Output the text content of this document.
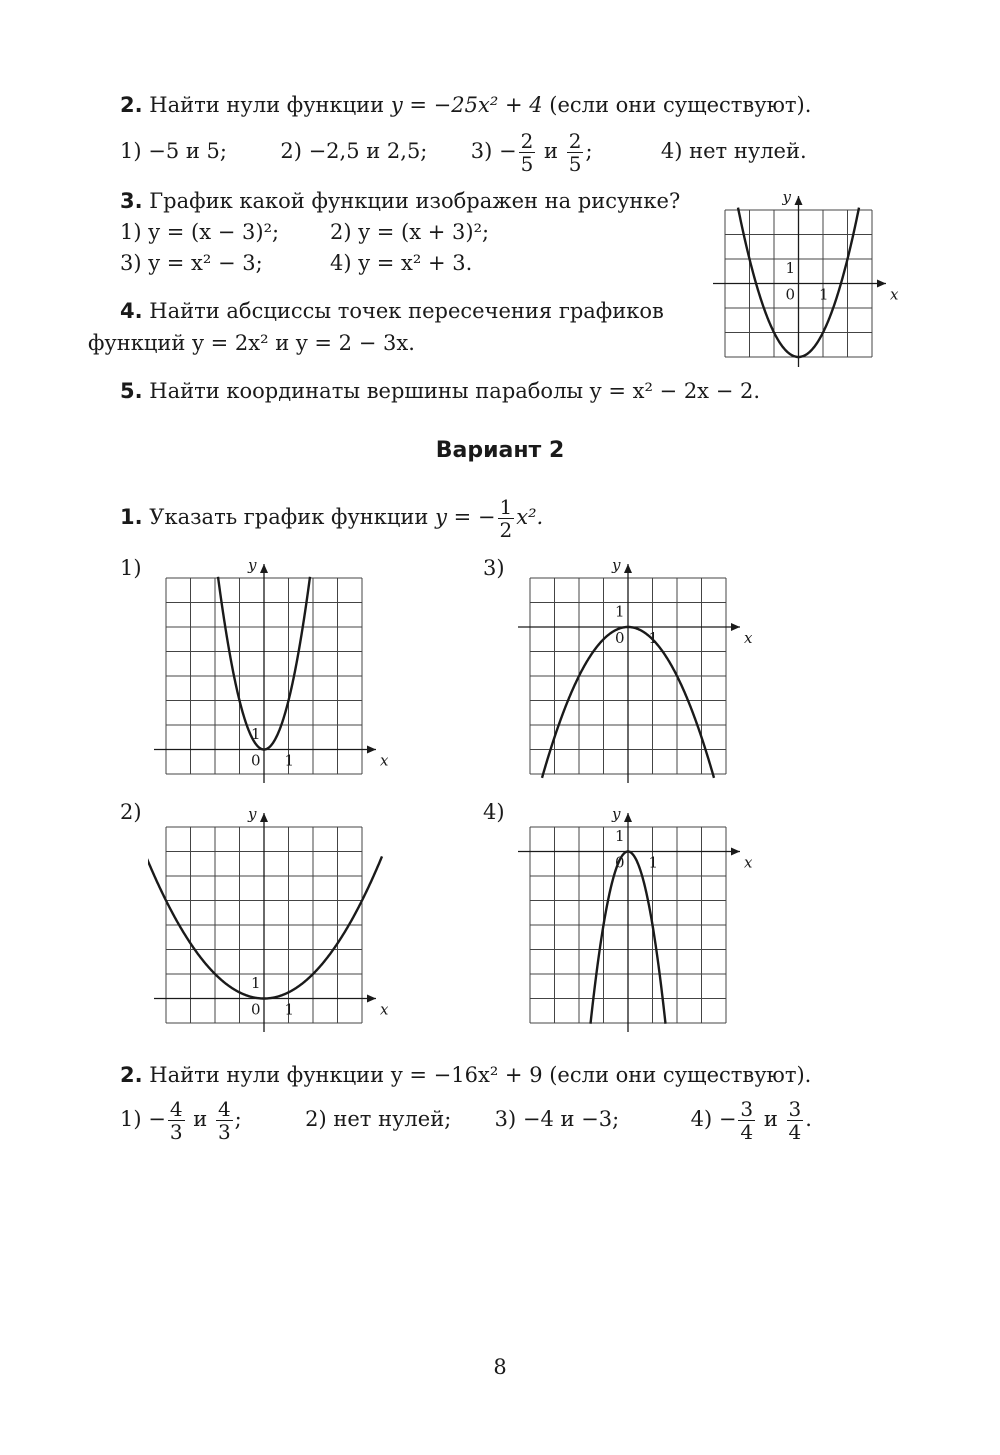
2. Найти нули функции y = −25x² + 4 (если они существуют).
1) −5 и 5;	2) −2,5 и 2,5; $3) - \frac{2}{5}$ и $\frac{2}{5}$ ;	4) нет нулей.
3. График какой функции изображен на рисунке?
1) y = (x − 3)²; 2) y = (x + 3)²;
3) y = x² − 3;	4) y = x² + 3.
4. Найти абсциссы точек пересечения графиков
функций y = 2x² и y = 2 − 3x.
5. Найти координаты вершины параболы y = x² − 2x − 2.
x
y
0 1
1
Вариант 2
1. Указать график функции y = − $\frac{1}{2} x^2$.
1)	3)
2)	4)
x
y
0 1
1
x
y
0 1
1
x
y
0 1
1
x
y
0 1
1
2. Найти нули функции y = −16x² + 9 (если они существуют).
$1) - \frac{4}{3}$ и $\frac{4}{3}$ ;	2) нет нулей; 3) −4 и −3;	$4) - \frac{3}{4}$ и $\frac{3}{4}$ .
8
